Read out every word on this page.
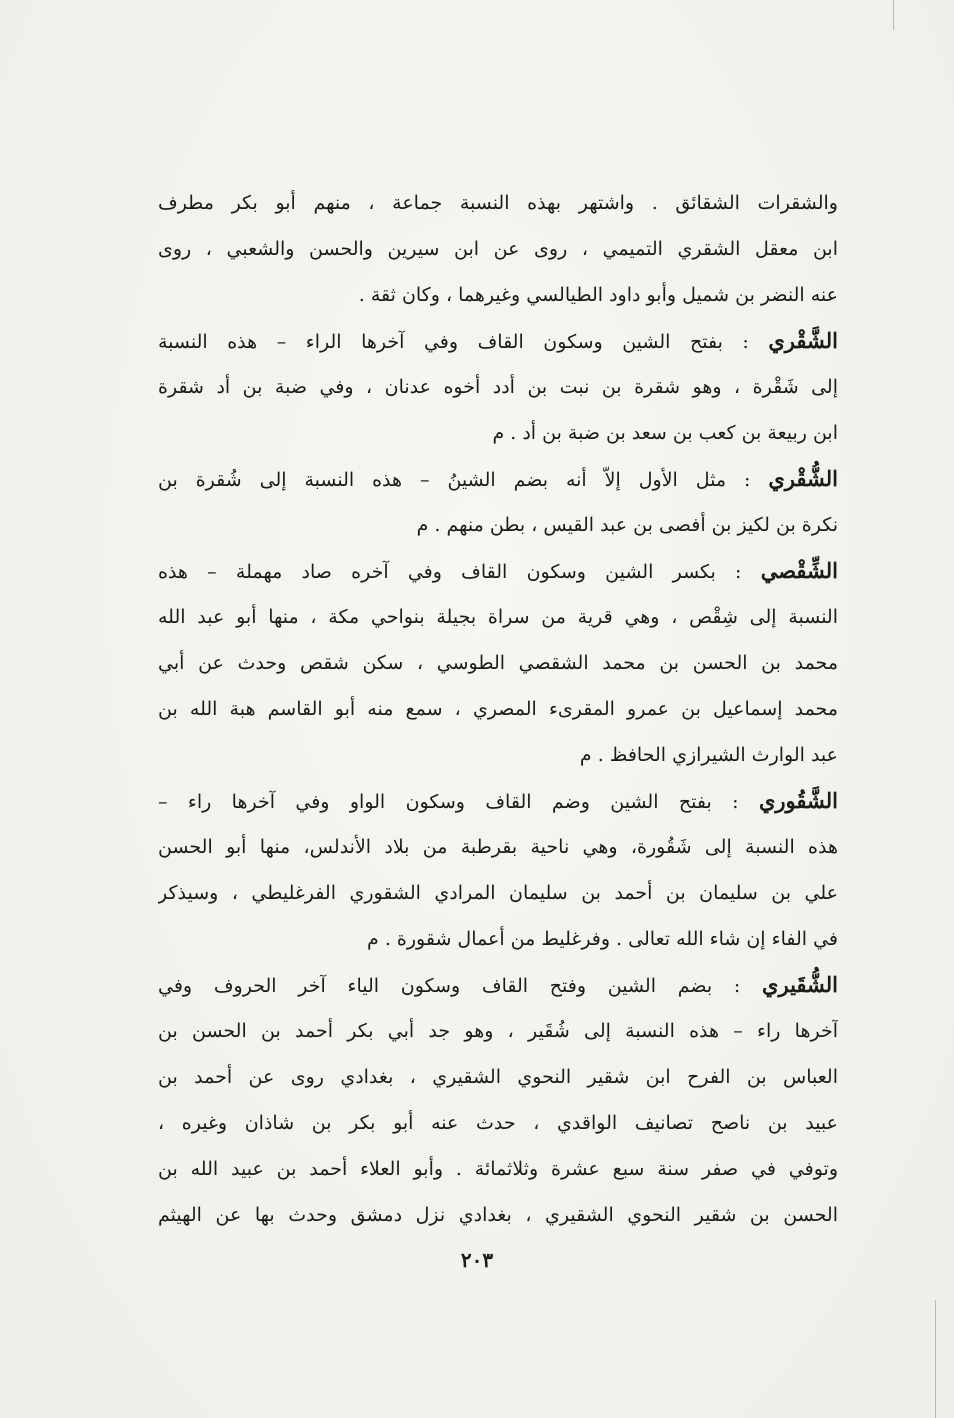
والشقرات الشقائق . واشتهر بهذه النسبة جماعة ، منهم أبو بكر مطرف
ابن معقل الشقري التميمي ، روى عن ابن سيرين والحسن والشعبي ، روى
عنه النضر بن شميل وأبو داود الطيالسي وغيرهما ، وكان ثقة .
الشَّقْري : بفتح الشين وسكون القاف وفي آخرها الراء – هذه النسبة
إلى شَقْرة ، وهو شقرة بن نبت بن أدد أخوه عدنان ، وفي ضبة بن أد شقرة
ابن ربيعة بن كعب بن سعد بن ضبة بن أد . م
الشُّقْري : مثل الأول إلاّ أنه بضم الشينُ – هذه النسبة إلى شُقرة بن
نكرة بن لكيز بن أفصى بن عبد القيس ، بطن منهم . م
الشِّقْصي : بكسر الشين وسكون القاف وفي آخره صاد مهملة – هذه
النسبة إلى شِقْص ، وهي قرية من سراة بجيلة بنواحي مكة ، منها أبو عبد الله
محمد بن الحسن بن محمد الشقصي الطوسي ، سكن شقص وحدث عن أبي
محمد إسماعيل بن عمرو المقرىء المصري ، سمع منه أبو القاسم هبة الله بن
عبد الوارث الشيرازي الحافظ . م
الشَّقُوري : بفتح الشين وضم القاف وسكون الواو وفي آخرها راء –
هذه النسبة إلى شَقُورة، وهي ناحية بقرطبة من بلاد الأندلس، منها أبو الحسن
علي بن سليمان بن أحمد بن سليمان المرادي الشقوري الفرغليطي ، وسيذكر
في الفاء إن شاء الله تعالى . وفرغليط من أعمال شقورة . م
الشُّقَيري : بضم الشين وفتح القاف وسكون الياء آخر الحروف وفي
آخرها راء – هذه النسبة إلى شُقَير ، وهو جد أبي بكر أحمد بن الحسن بن
العباس بن الفرح ابن شقير النحوي الشقيري ، بغدادي روى عن أحمد بن
عبيد بن ناصح تصانيف الواقدي ، حدث عنه أبو بكر بن شاذان وغيره ،
وتوفي في صفر سنة سبع عشرة وثلاثمائة . وأبو العلاء أحمد بن عبيد الله بن
الحسن بن شقير النحوي الشقيري ، بغدادي نزل دمشق وحدث بها عن الهيثم
٢٠٣
